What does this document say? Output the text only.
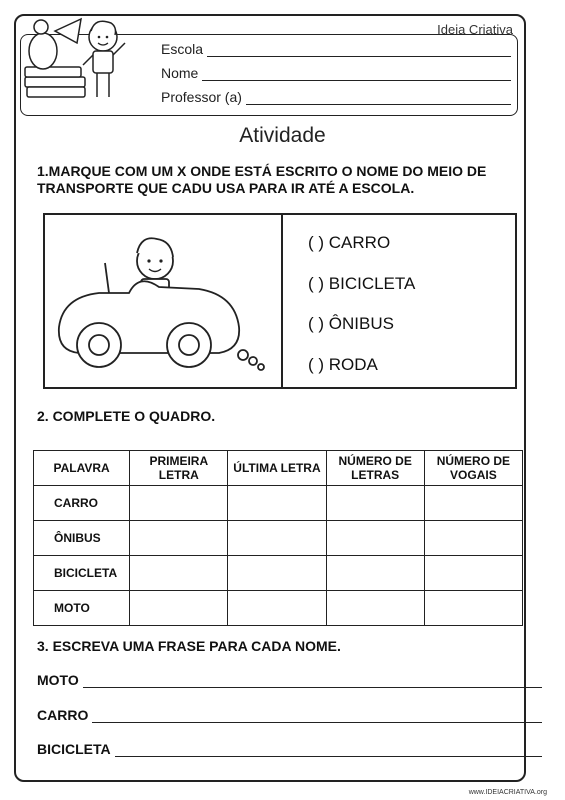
Ideia Criativa
Escola
Nome
Professor (a)
Atividade
1.MARQUE COM UM X ONDE ESTÁ ESCRITO O NOME DO MEIO DE
TRANSPORTE QUE CADU USA PARA IR ATÉ A ESCOLA.
( ) CARRO
( ) BICICLETA
( ) ÔNIBUS
( ) RODA
2. COMPLETE O QUADRO.
PALAVRA	PRIMEIRA LETRA	ÚLTIMA LETRA	NÚMERO DE LETRAS	NÚMERO DE VOGAIS
CARRO				
ÔNIBUS				
BICICLETA				
MOTO				
3. ESCREVA UMA FRASE PARA CADA NOME.
MOTO
CARRO
BICICLETA
www.IDEIACRIATIVA.org
